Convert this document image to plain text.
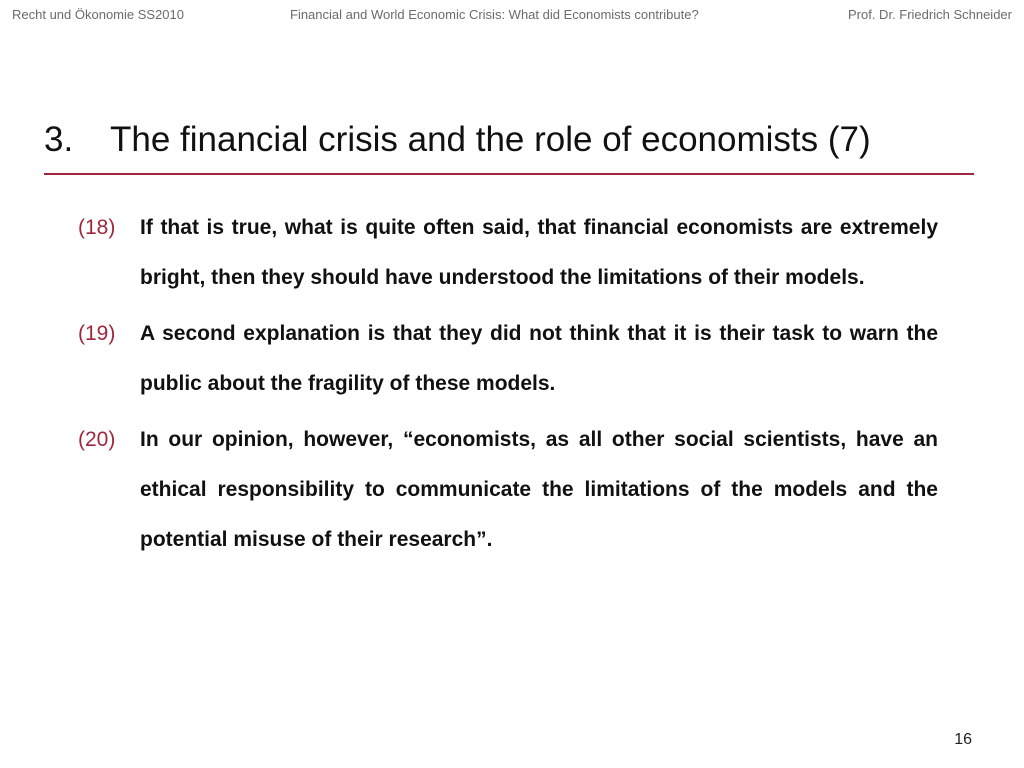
Recht und Ökonomie SS2010	Financial and World Economic Crisis: What did Economists contribute?	Prof. Dr. Friedrich Schneider
3. The financial crisis and the role of economists (7)
(18) If that is true, what is quite often said, that financial economists are extremely bright, then they should have understood the limitations of their models.
(19) A second explanation is that they did not think that it is their task to warn the public about the fragility of these models.
(20) In our opinion, however, “economists, as all other social scientists, have an ethical responsibility to communicate the limitations of the models and the potential misuse of their research”.
16
